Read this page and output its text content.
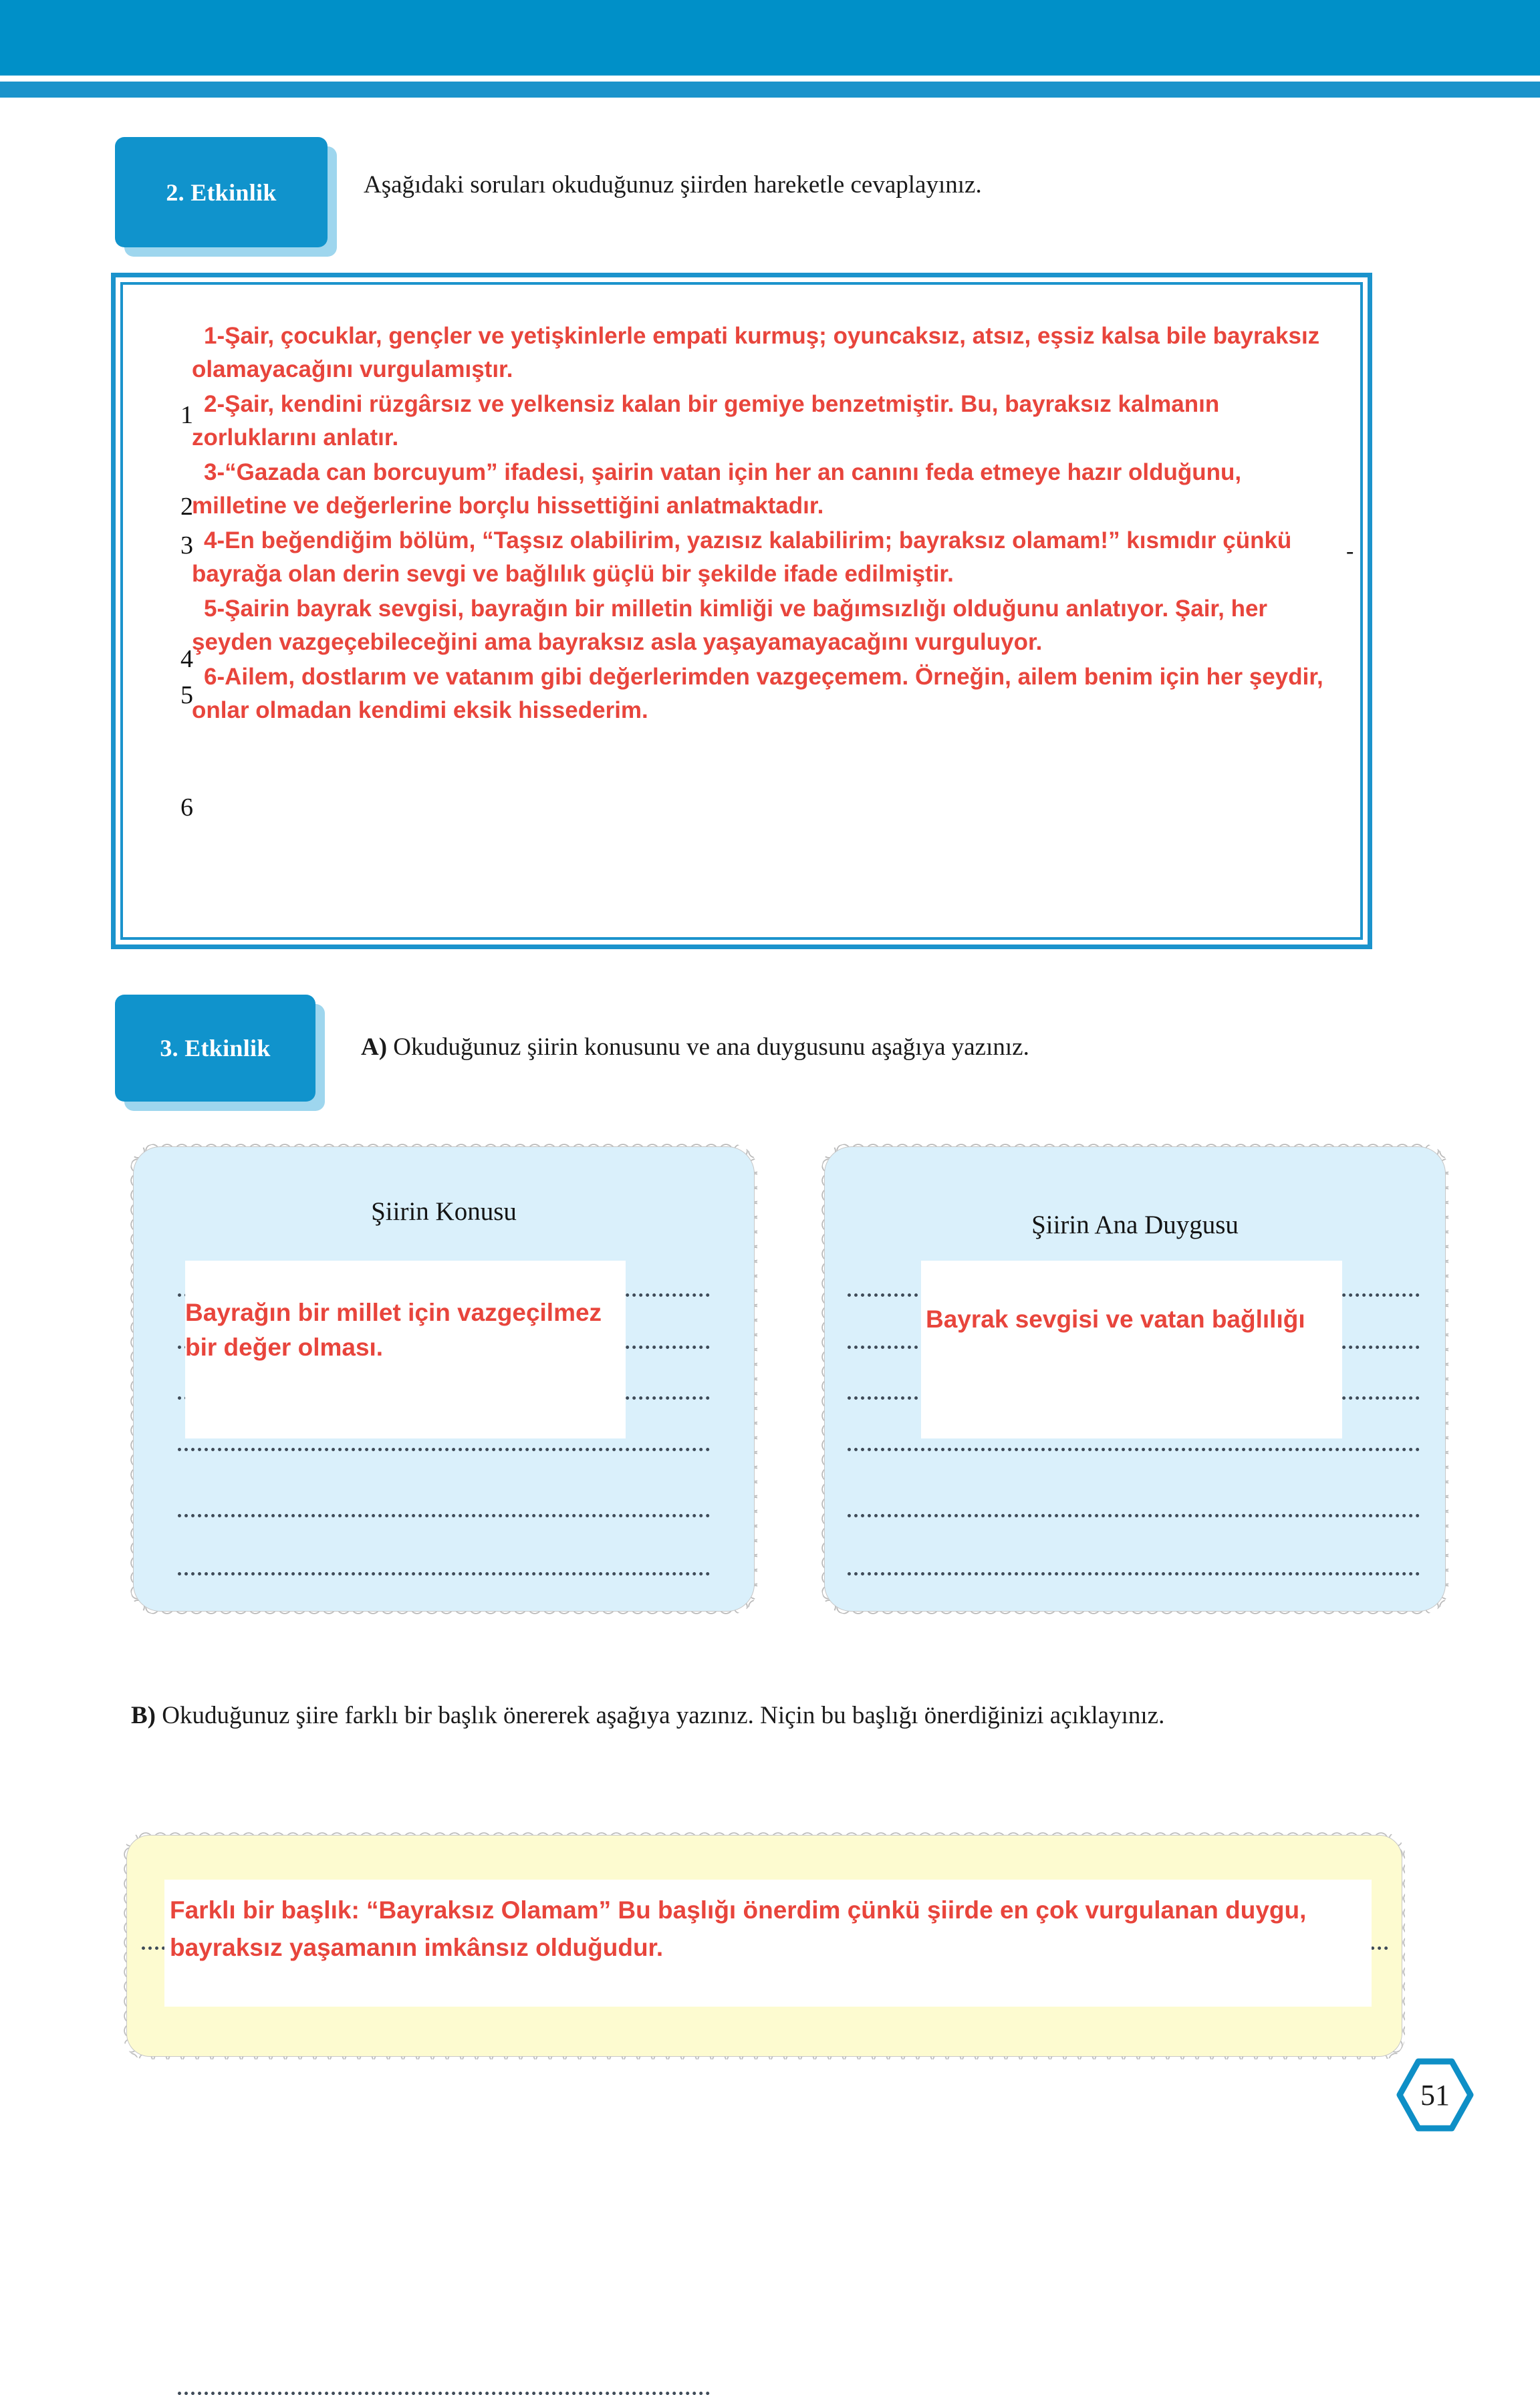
2. Etkinlik	Aşağıdaki soruları okuduğunuz şiirden hareketle cevaplayınız.
1
2
3
4
5
6

1-Şair, çocuklar, gençler ve yetişkinlerle empati kurmuş; oyuncaksız, atsız, eşsiz kalsa bile bayraksız olamayacağını vurgulamıştır.

2-Şair, kendini rüzgârsız ve yelkensiz kalan bir gemiye benzetmiştir. Bu, bayraksız kalmanın zorluklarını anlatır.

3-“Gazada can borcuyum” ifadesi, şairin vatan için her an canını feda etmeye hazır olduğunu, milletine ve değerlerine borçlu hissettiğini anlatmaktadır.

4-En beğendiğim bölüm, “Taşsız olabilirim, yazısız kalabilirim; bayraksız olamam!” kısmıdır çünkü bayrağa olan derin sevgi ve bağlılık güçlü bir şekilde ifade edilmiştir.

5-Şairin bayrak sevgisi, bayrağın bir milletin kimliği ve bağımsızlığı olduğunu anlatıyor. Şair, her şeyden vazgeçebileceğini ama bayraksız asla yaşayamayacağını vurguluyor.

6-Ailem, dostlarım ve vatanım gibi değerlerimden vazgeçemem. Örneğin, ailem benim için her şeydir, onlar olmadan kendimi eksik hissederim.

-
3. Etkinlik	A) Okuduğunuz şiirin konusunu ve ana duygusunu aşağıya yazınız.
Şiirin Konusu
Bayrağın bir millet için vazgeçilmez bir değer olması.
Şiirin Ana Duygusu
Bayrak sevgisi ve vatan bağlılığı
B) Okuduğunuz şiire farklı bir başlık önererek aşağıya yazınız. Niçin bu başlığı önerdiğinizi açıklayınız.
Farklı bir başlık: “Bayraksız Olamam” Bu başlığı önerdim çünkü şiirde en çok vurgulanan duygu, bayraksız yaşamanın imkânsız olduğudur.
51
